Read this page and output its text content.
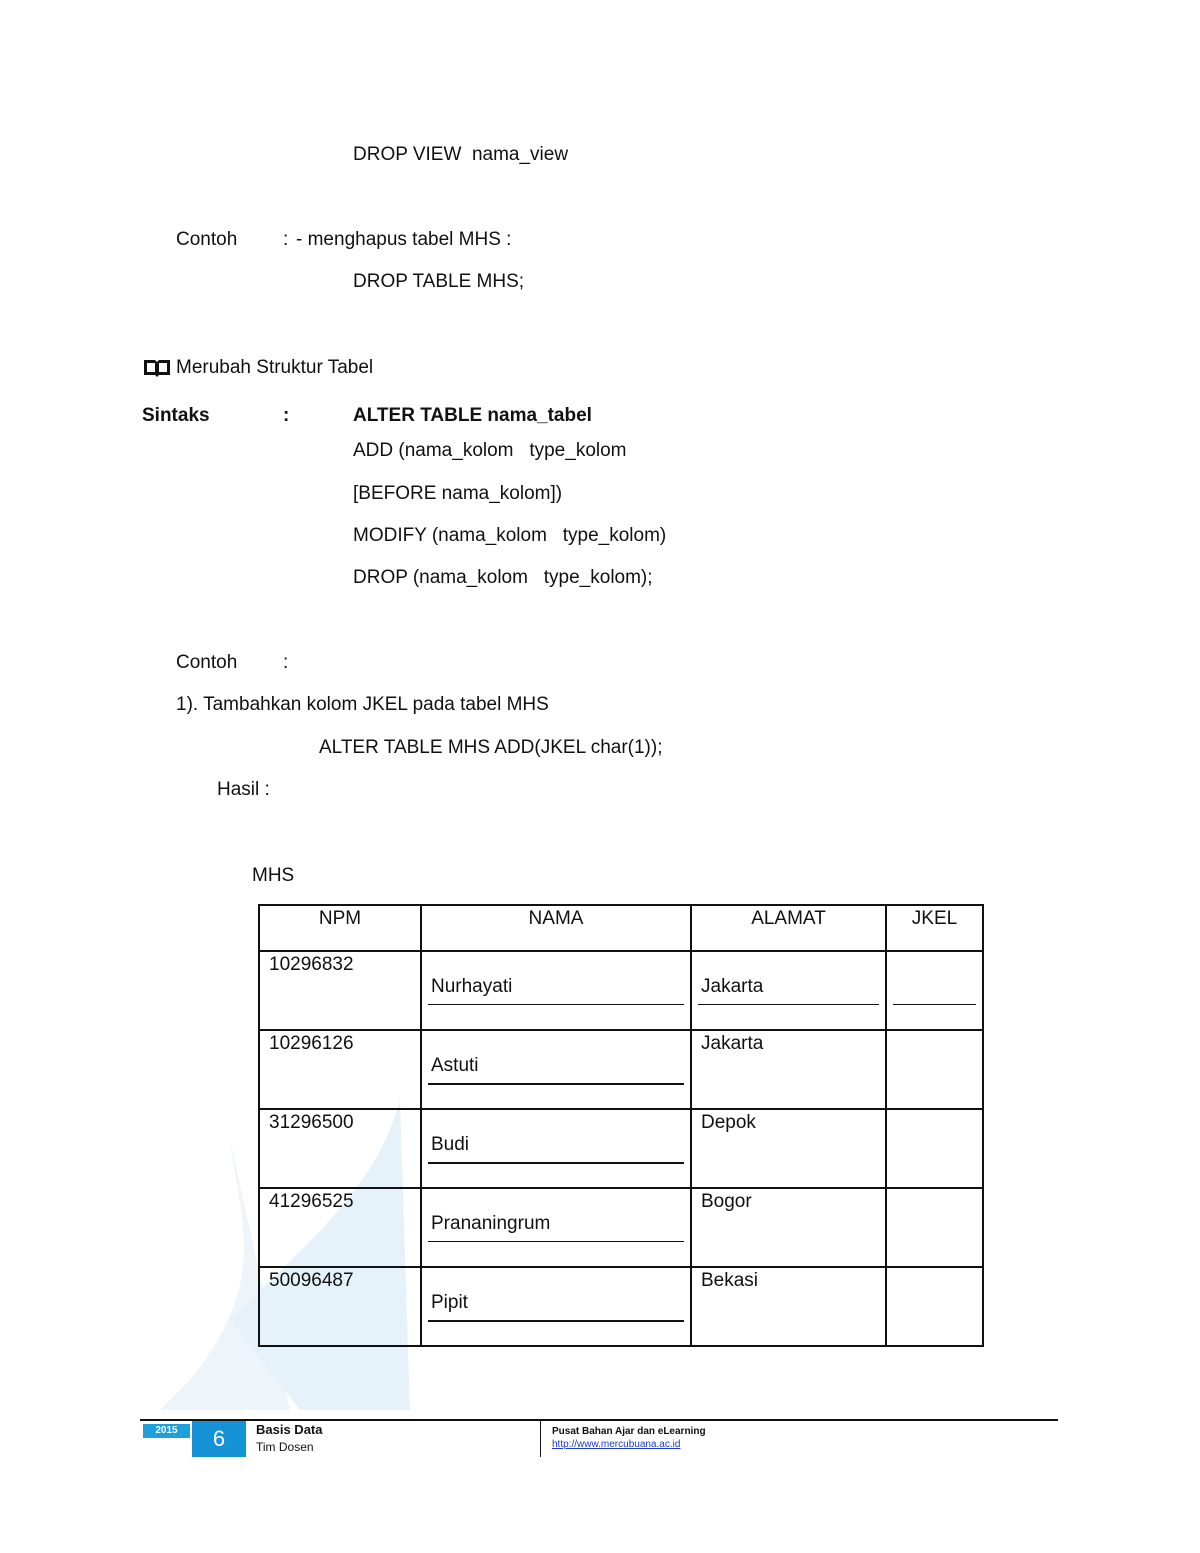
DROP VIEW  nama_view
Contoh : - menghapus tabel MHS :
DROP TABLE MHS;
Merubah Struktur Tabel
Sintaks	:	ALTER TABLE nama_tabel
ADD (nama_kolom   type_kolom
[BEFORE nama_kolom])
MODIFY (nama_kolom   type_kolom)
DROP (nama_kolom   type_kolom);
Contoh :
1). Tambahkan kolom JKEL pada tabel MHS
ALTER TABLE MHS ADD(JKEL char(1));
Hasil :
MHS
NPM	NAMA	ALAMAT	JKEL

10296832	Nurhayati	Jakarta	

10296126	Astuti	Jakarta	

31296500	Budi	Depok	

41296525	Prananingrum	Bogor	

50096487	Pipit	Bekasi	

2015	6	Basis Data
Tim Dosen
Pusat Bahan Ajar dan eLearning
http://www.mercubuana.ac.id
